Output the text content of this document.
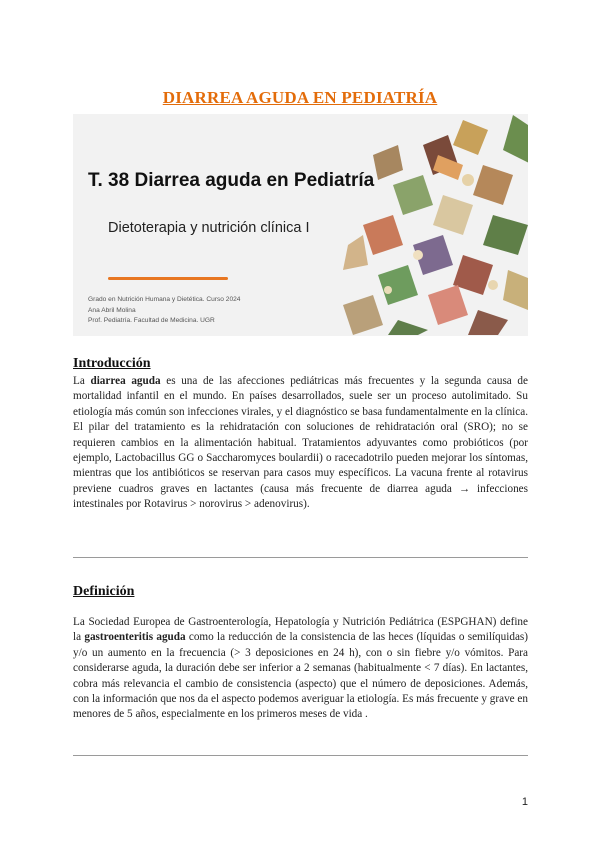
DIARREA AGUDA EN PEDIATRÍA
T. 38 Diarrea aguda en Pediatría
Dietoterapia y nutrición clínica I
Grado en Nutrición Humana y Dietética. Curso 2024
Ana Abril Molina
Prof. Pediatría. Facultad de Medicina. UGR
Introducción

La diarrea aguda es una de las afecciones pediátricas más frecuentes y la segunda causa de mortalidad infantil en el mundo. En países desarrollados, suele ser un proceso autolimitado. Su etiología más común son infecciones virales, y el diagnóstico se basa fundamentalmente en la clínica. El pilar del tratamiento es la rehidratación con soluciones de rehidratación oral (SRO); no se requieren cambios en la alimentación habitual. Tratamientos adyuvantes como probióticos (por ejemplo, Lactobacillus GG o Saccharomyces boulardii) o racecadotrilo pueden mejorar los síntomas, mientras que los antibióticos se reservan para casos muy específicos. La vacuna frente al rotavirus previene cuadros graves en lactantes (causa más frecuente de diarrea aguda → infecciones intestinales por Rotavirus > norovirus > adenovirus).

Definición

La Sociedad Europea de Gastroenterología, Hepatología y Nutrición Pediátrica (ESPGHAN) define la gastroenteritis aguda como la reducción de la consistencia de las heces (líquidas o semilíquidas) y/o un aumento en la frecuencia (> 3 deposiciones en 24 h), con o sin fiebre y/o vómitos. Para considerarse aguda, la duración debe ser inferior a 2 semanas (habitualmente < 7 días). En lactantes, cobra más relevancia el cambio de consistencia (aspecto) que el número de deposiciones. Además, con la información que nos da el aspecto podemos averiguar la etiología. Es más frecuente y grave en menores de 5 años, especialmente en los primeros meses de vida .

1
